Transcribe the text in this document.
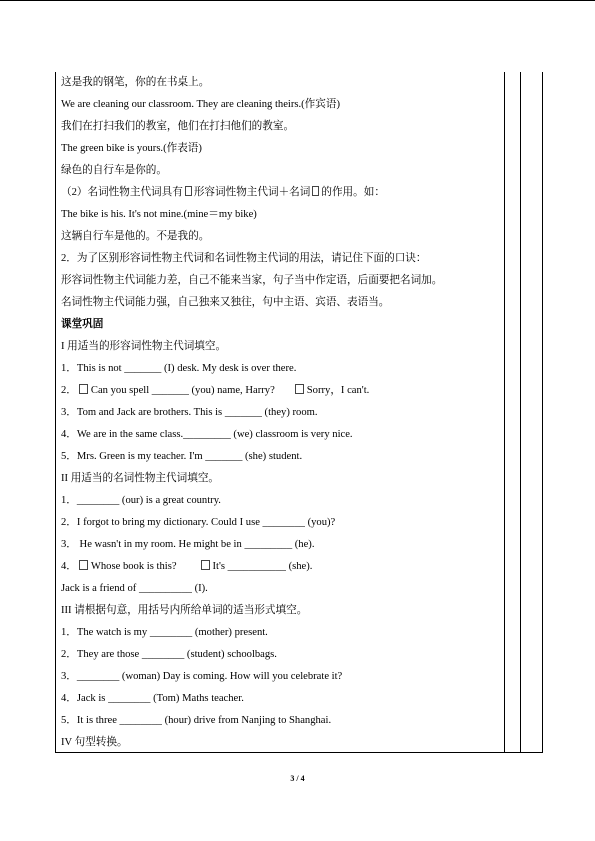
这是我的钢笔，你的在书桌上。
We are cleaning our classroom. They are cleaning theirs.(作宾语)
我们在打扫我们的教室，他们在打扫他们的教室。
The green bike is yours.(作表语)
绿色的自行车是你的。
（2）名词性物主代词具有 形容词性物主代词＋名词 的作用。如：
The bike is his. It's not mine.(mine＝my bike)
这辆自行车是他的。不是我的。
2．为了区别形容词性物主代词和名词性物主代词的用法，请记住下面的口诀：
形容词性物主代词能力差，自己不能来当家，句子当中作定语，后面要把名词加。
名词性物主代词能力强，自己独来又独往，句中主语、宾语、表语当。
课堂巩固
I 用适当的形容词性物主代词填空。
1．This is not _______ (I) desk. My desk is over there.
2． Can you spell _______ (you) name, Harry?	Sorry，I can't.
3．Tom and Jack are brothers. This is _______ (they) room.
4．We are in the same class._________ (we) classroom is very nice.
5．Mrs. Green is my teacher. I'm _______ (she) student.
II 用适当的名词性物主代词填空。
1．________ (our) is a great country.
2．I forgot to bring my dictionary. Could I use ________ (you)?
3． He wasn't in my room. He might be in _________ (he).
4． Whose book is this?	It's ___________ (she).
Jack is a friend of __________ (I).
III 请根据句意，用括号内所给单词的适当形式填空。
1．The watch is my ________ (mother) present.
2．They are those ________ (student) schoolbags.
3．________ (woman) Day is coming. How will you celebrate it?
4．Jack is ________ (Tom) Maths teacher.
5．It is three ________ (hour) drive from Nanjing to Shanghai.
IV 句型转换。
3 / 4
